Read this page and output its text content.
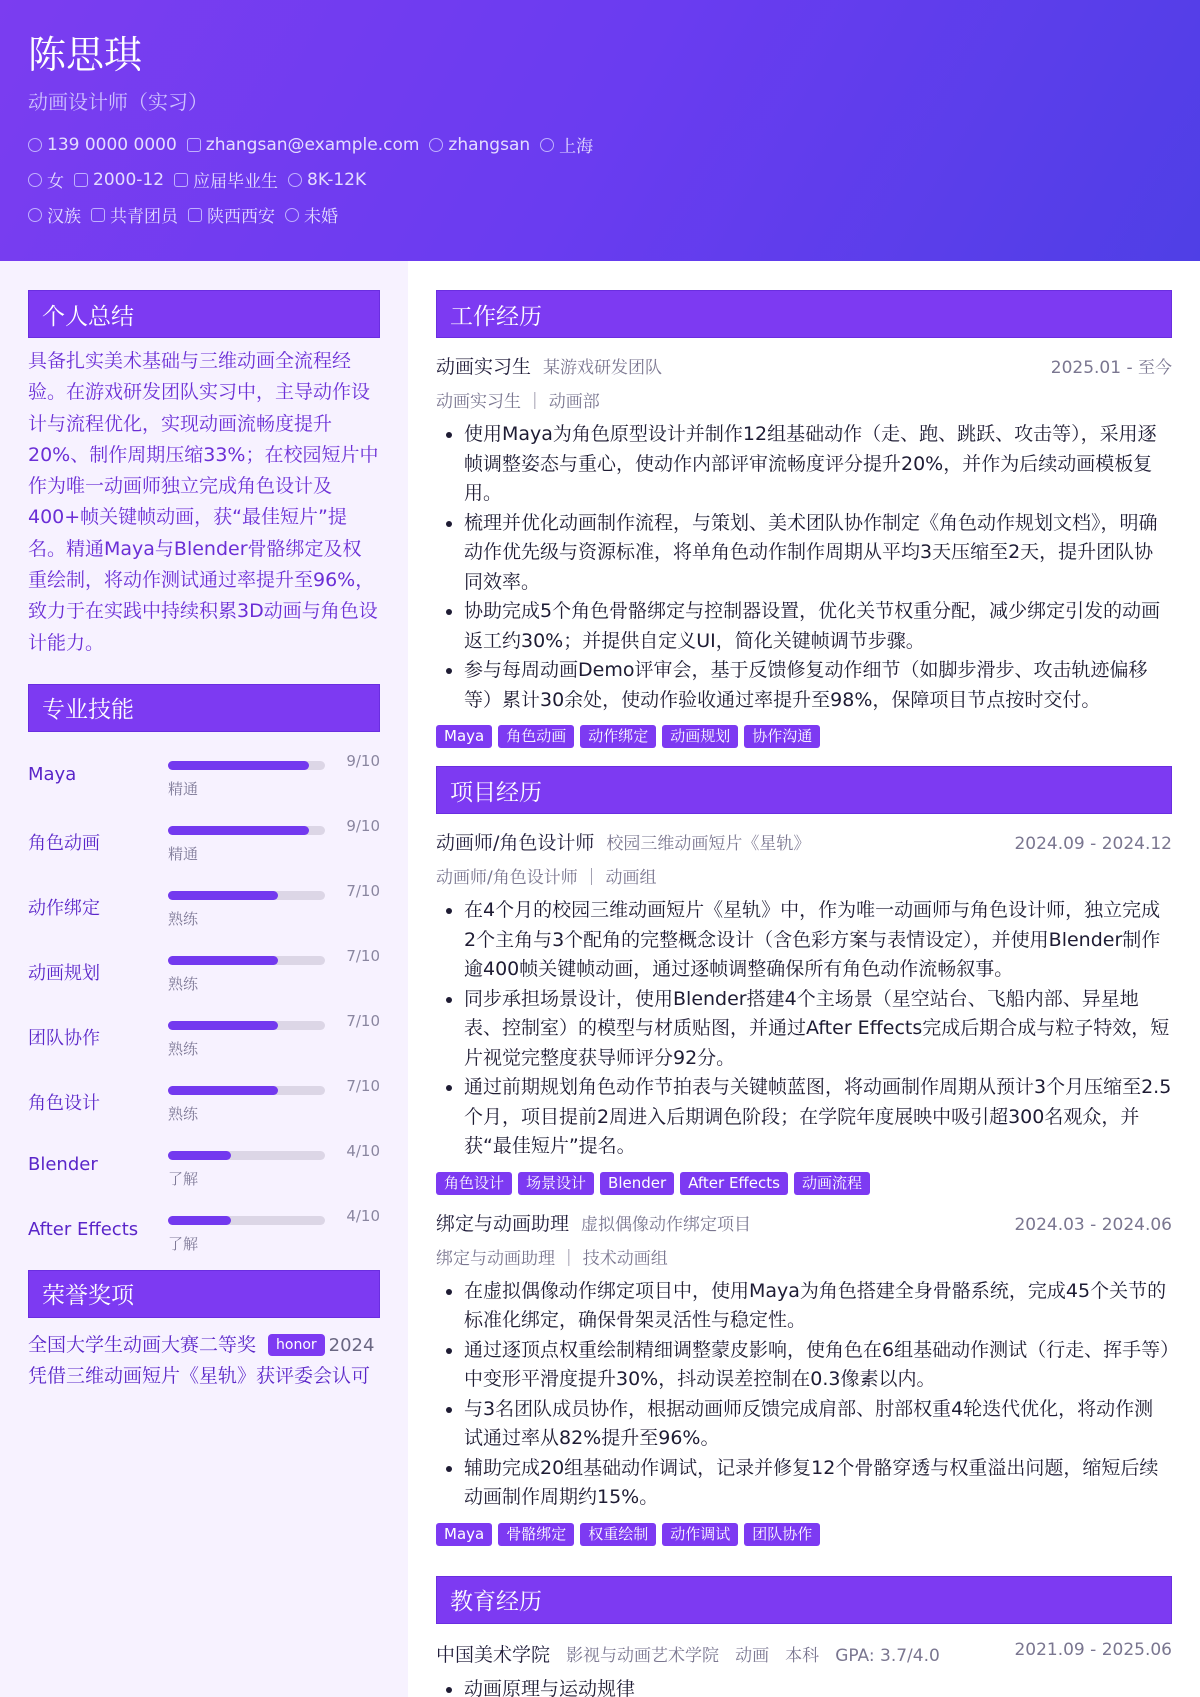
陈思琪
动画设计师（实习）
139 0000 0000 zhangsan@example.com zhangsan 上海
女 2000-12 应届毕业生 8K-12K
汉族 共青团员 陕西西安 未婚
个人总结
具备扎实美术基础与三维动画全流程经验。在游戏研发团队实习中，主导动作设计与流程优化，实现动画流畅度提升20%、制作周期压缩33%；在校园短片中作为唯一动画师独立完成角色设计及400+帧关键帧动画，获“最佳短片”提名。精通Maya与Blender骨骼绑定及权重绘制，将动作测试通过率提升至96%，致力于在实践中持续积累3D动画与角色设计能力。
专业技能
Maya
9/10
精通
角色动画
9/10
精通
动作绑定
7/10
熟练
动画规划
7/10
熟练
团队协作
7/10
熟练
角色设计
7/10
熟练
Blender
4/10
了解
After Effects
4/10
了解
荣誉奖项
全国大学生动画大赛二等奖	honor 2024
凭借三维动画短片《星轨》获评委会认可
工作经历
动画实习生 某游戏研发团队	2025.01 - 至今
动画实习生 ｜ 动画部
• 使用Maya为角色原型设计并制作12组基础动作（走、跑、跳跃、攻击等），采用逐帧调整姿态与重心，使动作内部评审流畅度评分提升20%，并作为后续动画模板复用。
• 梳理并优化动画制作流程，与策划、美术团队协作制定《角色动作规划文档》，明确动作优先级与资源标准，将单角色动作制作周期从平均3天压缩至2天，提升团队协同效率。
• 协助完成5个角色骨骼绑定与控制器设置，优化关节权重分配，减少绑定引发的动画返工约30%；并提供自定义UI，简化关键帧调节步骤。
• 参与每周动画Demo评审会，基于反馈修复动作细节（如脚步滑步、攻击轨迹偏移等）累计30余处，使动作验收通过率提升至98%，保障项目节点按时交付。
Maya	角色动画	动作绑定	动画规划	协作沟通
项目经历
动画师/角色设计师 校园三维动画短片《星轨》	2024.09 - 2024.12
动画师/角色设计师 ｜ 动画组
• 在4个月的校园三维动画短片《星轨》中，作为唯一动画师与角色设计师，独立完成2个主角与3个配角的完整概念设计（含色彩方案与表情设定），并使用Blender制作逾400帧关键帧动画，通过逐帧调整确保所有角色动作流畅叙事。
• 同步承担场景设计，使用Blender搭建4个主场景（星空站台、飞船内部、异星地表、控制室）的模型与材质贴图，并通过After Effects完成后期合成与粒子特效，短片视觉完整度获导师评分92分。
• 通过前期规划角色动作节拍表与关键帧蓝图，将动画制作周期从预计3个月压缩至2.5个月，项目提前2周进入后期调色阶段；在学院年度展映中吸引超300名观众，并获“最佳短片”提名。
角色设计	场景设计	Blender	After Effects	动画流程
绑定与动画助理 虚拟偶像动作绑定项目	2024.03 - 2024.06
绑定与动画助理 ｜ 技术动画组
• 在虚拟偶像动作绑定项目中，使用Maya为角色搭建全身骨骼系统，完成45个关节的标准化绑定，确保骨架灵活性与稳定性。
• 通过逐顶点权重绘制精细调整蒙皮影响，使角色在6组基础动作测试（行走、挥手等）中变形平滑度提升30%，抖动误差控制在0.3像素以内。
• 与3名团队成员协作，根据动画师反馈完成肩部、肘部权重4轮迭代优化，将动作测试通过率从82%提升至96%。
• 辅助完成20组基础动作调试，记录并修复12个骨骼穿透与权重溢出问题，缩短后续动画制作周期约15%。
Maya	骨骼绑定	权重绘制	动作调试	团队协作
教育经历
中国美术学院 影视与动画艺术学院 动画 本科 GPA: 3.7/4.0	2021.09 - 2025.06
• 动画原理与运动规律
